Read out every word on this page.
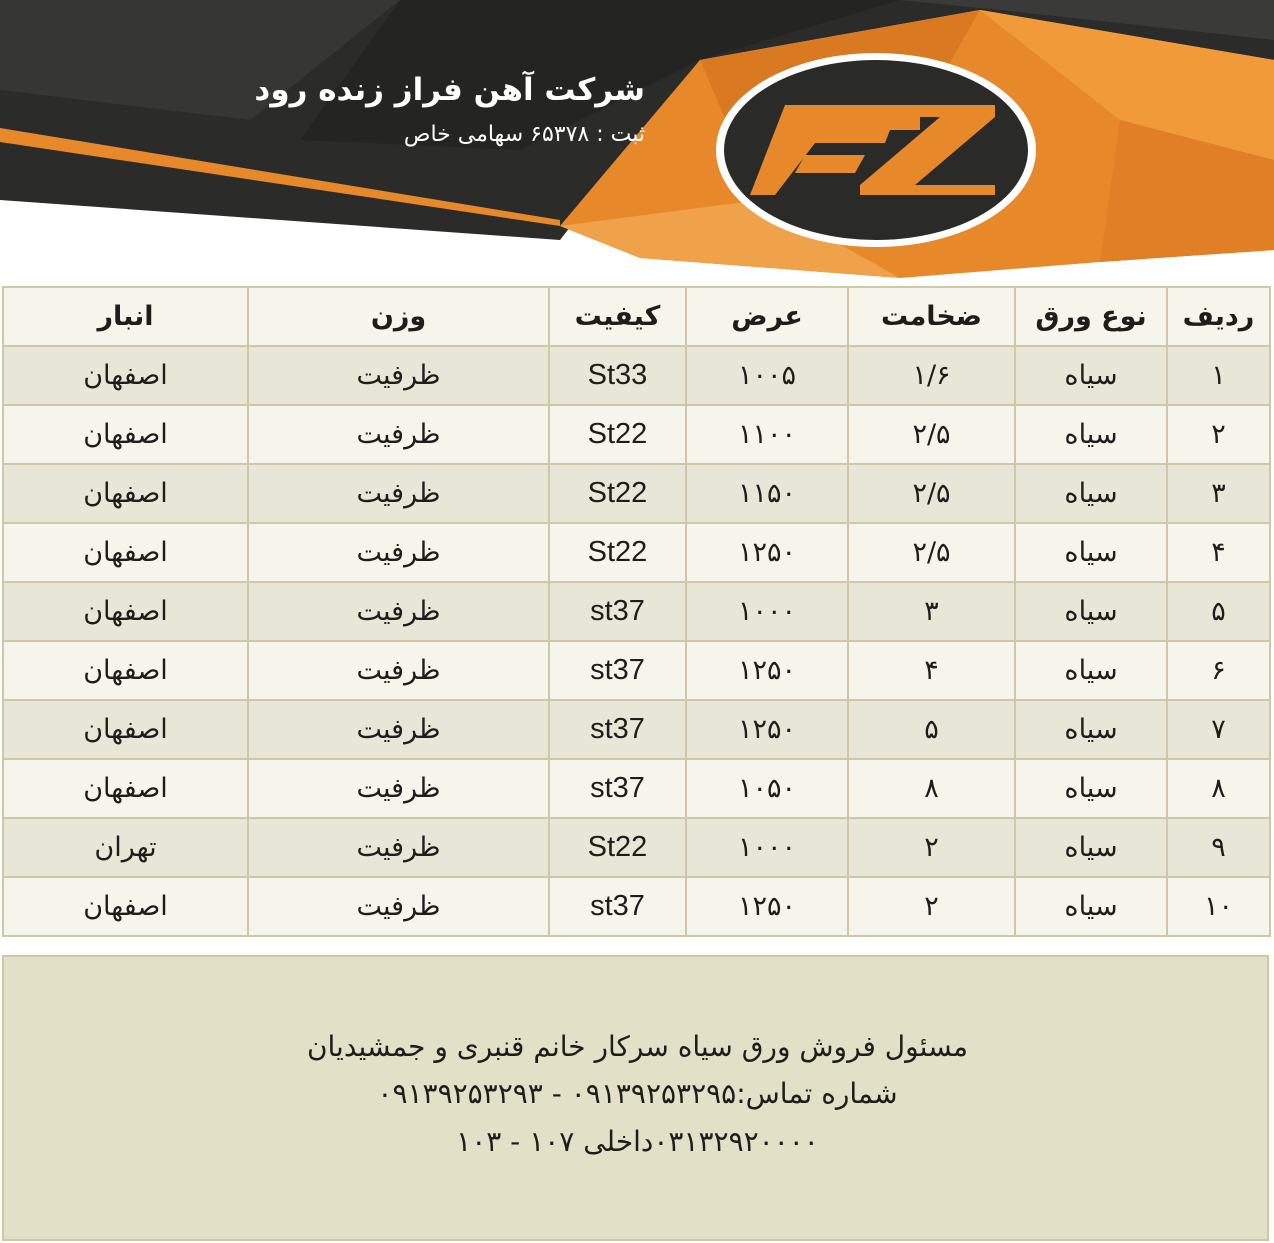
شرکت آهن فراز زنده رود
ثبت : ۶۵۳۷۸ سهامی خاص
ردیف	نوع ورق	ضخامت	عرض	کیفیت	وزن	انبار
۱	سیاه	۱/۶	۱۰۰۵	St33	ظرفیت	اصفهان
۲	سیاه	۲/۵	۱۱۰۰	St22	ظرفیت	اصفهان
۳	سیاه	۲/۵	۱۱۵۰	St22	ظرفیت	اصفهان
۴	سیاه	۲/۵	۱۲۵۰	St22	ظرفیت	اصفهان
۵	سیاه	۳	۱۰۰۰	st37	ظرفیت	اصفهان
۶	سیاه	۴	۱۲۵۰	st37	ظرفیت	اصفهان
۷	سیاه	۵	۱۲۵۰	st37	ظرفیت	اصفهان
۸	سیاه	۸	۱۰۵۰	st37	ظرفیت	اصفهان
۹	سیاه	۲	۱۰۰۰	St22	ظرفیت	تهران
۱۰	سیاه	۲	۱۲۵۰	st37	ظرفیت	اصفهان
مسئول فروش ورق سیاه سرکار خانم قنبری و جمشیدیان
شماره تماس:۰۹۱۳۹۲۵۳۲۹۵ - ۰۹۱۳۹۲۵۳۲۹۳
۰۳۱۳۲۹۲۰۰۰۰داخلی ۱۰۷ - ۱۰۳
